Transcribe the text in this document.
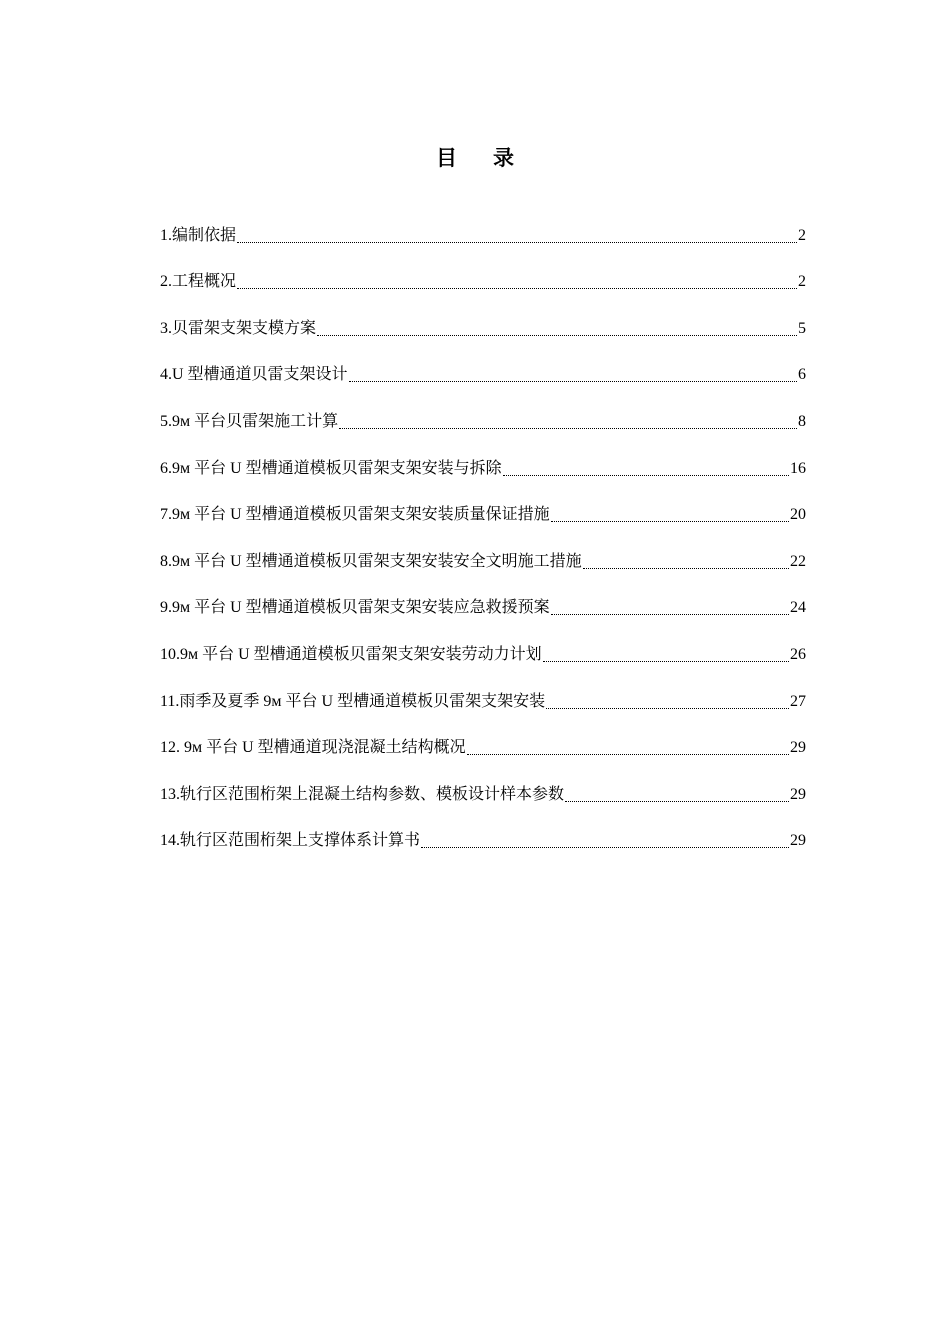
目录
1.编制依据	2
2.工程概况	2
3.贝雷架支架支模方案	5
4.U 型槽通道贝雷支架设计	6
5.9м 平台贝雷架施工计算	8
6.9м 平台 U 型槽通道模板贝雷架支架安装与拆除	16
7.9м 平台 U 型槽通道模板贝雷架支架安装质量保证措施	20
8.9м 平台 U 型槽通道模板贝雷架支架安装安全文明施工措施	22
9.9м 平台 U 型槽通道模板贝雷架支架安装应急救援预案	24
10.9м 平台 U 型槽通道模板贝雷架支架安装劳动力计划	26
11.雨季及夏季 9м 平台 U 型槽通道模板贝雷架支架安装	27
12. 9м 平台 U 型槽通道现浇混凝土结构概况	29
13.轨行区范围桁架上混凝土结构参数、模板设计样本参数	29
14.轨行区范围桁架上支撑体系计算书	29
